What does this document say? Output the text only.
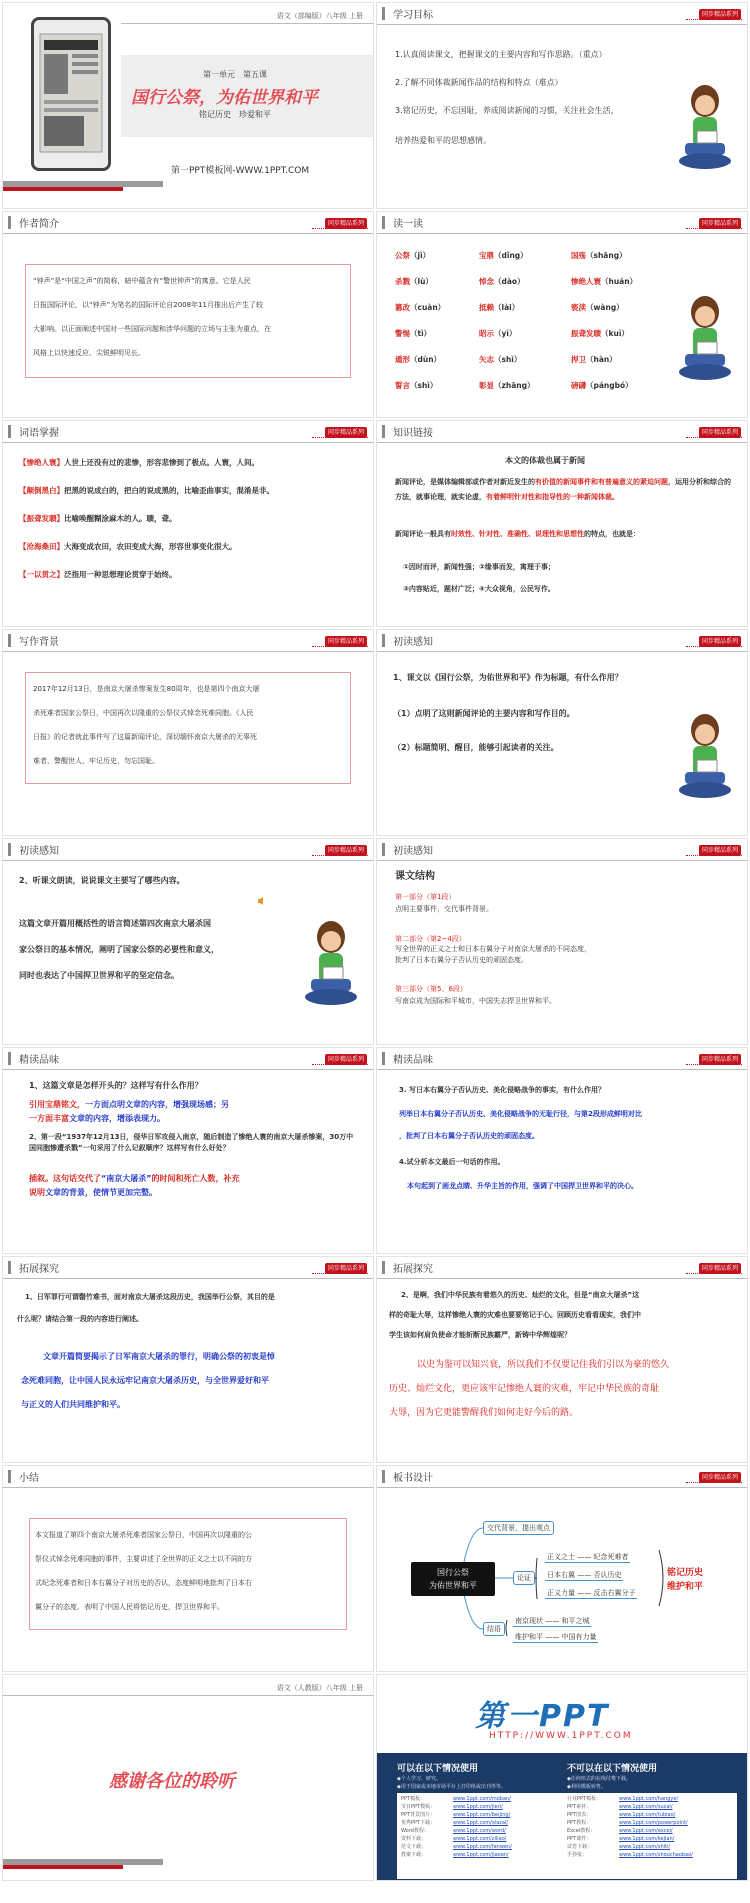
语文（部编版）八年级 上册
第一单元　第五课
国行公祭，为佑世界和平
铭记历史　珍爱和平
第一PPT模板网-WWW.1PPT.COM
学习目标	同步精品系列
1.认真阅读课文，把握课文的主要内容和写作思路。（重点）
2.了解不同体裁新闻作品的结构和特点（难点）
3.铭记历史，不忘国耻，养成阅读新闻的习惯，关注社会生活，
培养热爱和平的思想感情。
作者简介	同步精品系列
“钟声”是“中国之声”的简称，暗中蕴含有“警世钟声”的寓意。它是人民
日报国际评论，以“钟声”为笔名的国际评论自2008年11月推出后产生了较
大影响。以正面阐述中国对一些国际问题和涉华问题的立场与主张为重点，在
风格上以快速反应、尖锐鲜明见长。
读一读	同步精品系列
公祭（jì）	宝鼎（dǐng）	国殇（shāng）
杀戮（lù）	悼念（dào）	惨绝人寰（huán）
篡改（cuàn）	抵赖（lài）	亵渎（wàng）
警惕（tì）	昭示（yì）	振聋发聩（kuì）
遁形（dùn）	矢志（shì）	捍卫（hàn）
誓言（shì）	彰显（zhāng）	磅礴（pángbó）
词语掌握	同步精品系列
【惨绝人寰】人世上还没有过的悲惨，形容悲惨到了极点。人寰，人间。
【颠倒黑白】把黑的说成白的，把白的说成黑的，比喻歪曲事实，混淆是非。
【振聋发聩】比喻唤醒糊涂麻木的人。聩，聋。
【沧海桑田】大海变成农田，农田变成大海，形容世事变化很大。
【一以贯之】泛指用一种思想理论贯穿于始终。
知识链接	同步精品系列
本文的体裁也属于新闻
新闻评论，是媒体编辑部或作者对新近发生的有价值的新闻事件和有普遍意义的紧迫问题，运用分析和综合的方法，就事论理，就实论虚，有着鲜明针对性和指导性的一种新闻体裁。
新闻评论一般具有时效性、针对性、准确性、说理性和思想性的特点，也就是：
①因时而评，新闻性强；②缘事而发，寓理于事；
③内容贴近，题材广泛；④大众视角，公民写作。
写作背景	同步精品系列
2017年12月13日，是南京大屠杀惨案发生80周年，也是第四个南京大屠
杀死难者国家公祭日，中国再次以隆重的公祭仪式悼念死难同胞。《人民
日报》的记者就此事件写了这篇新闻评论，深切缅怀南京大屠杀的无辜死
难者，警醒世人，牢记历史，勿忘国耻。
初读感知	同步精品系列
1、课文以《国行公祭，为佑世界和平》作为标题，有什么作用？
（1）点明了这则新闻评论的主要内容和写作目的。
（2）标题简明、醒目，能够引起读者的关注。
初读感知	同步精品系列
2、听课文朗读，说说课文主要写了哪些内容。
这篇文章开篇用概括性的语言简述第四次南京大屠杀国
家公祭日的基本情况，阐明了国家公祭的必要性和意义，
同时也表达了中国捍卫世界和平的坚定信念。
初读感知	同步精品系列
课文结构
第一部分（第1段）
点明主要事件，交代事件背景。
第二部分（第2~4段）
写全世界的正义之士和日本右翼分子对南京大屠杀的不同态度，
批判了日本右翼分子否认历史的顽固态度。
第三部分（第5、6段）
写南京成为国际和平城市，中国失志捍卫世界和平。
精读品味	同步精品系列
1、这篇文章是怎样开头的？这样写有什么作用？
引用宝鼎铭文，一方面点明文章的内容，增强现场感；另
一方面丰富文章的内容，增添表现力。
2、第一段“1937年12月13日，侵华日军攻侵入南京，随后制造了惨绝人寰的南京大屠杀惨案，30万中国同胞惨遭杀戮”一句采用了什么记叙顺序？这样写有什么好处？
插叙。这句话交代了“南京大屠杀”的时间和死亡人数，补充
说明文章的背景，使情节更加完整。
精读品味	同步精品系列
3. 写日本右翼分子否认历史、美化侵略战争的事实，有什么作用？
列举日本右翼分子否认历史、美化侵略战争的无耻行径，与第2段形成鲜明对比
，批判了日本右翼分子否认历史的顽固态度。
4.试分析本文最后一句话的作用。
本句起到了画龙点睛、升华主旨的作用，强调了中国捍卫世界和平的决心。
拓展探究	同步精品系列
1、日军罪行可谓罄竹难书，面对南京大屠杀这段历史，我国举行公祭，其目的是
什么呢？请结合第一段的内容进行阐述。
文章开篇简要揭示了日军南京大屠杀的罪行，明确公祭的初衷是悼
念死难同胞，让中国人民永远牢记南京大屠杀历史，与全世界爱好和平
与正义的人们共同维护和平。
拓展探究	同步精品系列
2、是啊，我们中华民族有着悠久的历史、灿烂的文化，但是“南京大屠杀”这
样的奇耻大辱，这样惨绝人寰的灾难也要要铭记于心。回顾历史看看现实，我们中
学生该如何肩负使命才能斩断民族霸严，新铸中华辉煌呢？
以史为鉴可以知兴衰，所以我们不仅要记住我们引以为豪的悠久
历史、灿烂文化，更应该牢记惨绝人寰的灾难，牢记中华民族的奇耻
大辱，因为它更能警醒我们如何走好今后的路。
小结
本文报道了第四个南京大屠杀死难者国家公祭日，中国再次以隆重的公
祭仪式悼念死难同胞的事件，主要讲述了全世界的正义之士以不同的方
式纪念死难者和日本右翼分子对历史的否认，态度鲜明地批判了日本右
翼分子的态度，表明了中国人民将铭记历史，捍卫世界和平。
板书设计	同步精品系列
国行公祭
为佑世界和平
交代背景，提出观点
论证
结语
正义之士 —— 纪念死难者
日本右翼 —— 否认历史
正义力量 —— 反击右翼分子
南京现状 —— 和平之城
维护和平 —— 中国有力量
铭记历史
维护和平
语文（人教版）八年级 上册
感谢各位的聆听
第一PPT
HTTP://WWW.1PPT.COM
可以在以下情况使用
◆个人学习、研究。
◆用于国家或本地市场平台上打印纸或出刊等等。
不可以在以下情况使用
◆任何形式的在线付费下载。
◆利用模板转售。
PPT模板：	www.1ppt.com/moban/
节日PPT模板：	www.1ppt.com/jieri/
PPT背景图片：	www.1ppt.com/beijing/
优秀PPT下载：	www.1ppt.com/xiazai/
Word教程：	www.1ppt.com/word/
资料下载：	www.1ppt.com/ziliao/
范文下载：	www.1ppt.com/fanwen/
教案下载：	www.1ppt.com/jiaoan/
行业PPT模板：	www.1ppt.com/hangye/
PPT素材：	www.1ppt.com/sucai/
PPT图表：	www.1ppt.com/tubiao/
PPT教程：	www.1ppt.com/powerpoint/
Excel教程：	www.1ppt.com/excel/
PPT课件：	www.1ppt.com/kejian/
试卷下载：	www.1ppt.com/shiti/
手抄报：	www.1ppt.com/shouchaobao/
